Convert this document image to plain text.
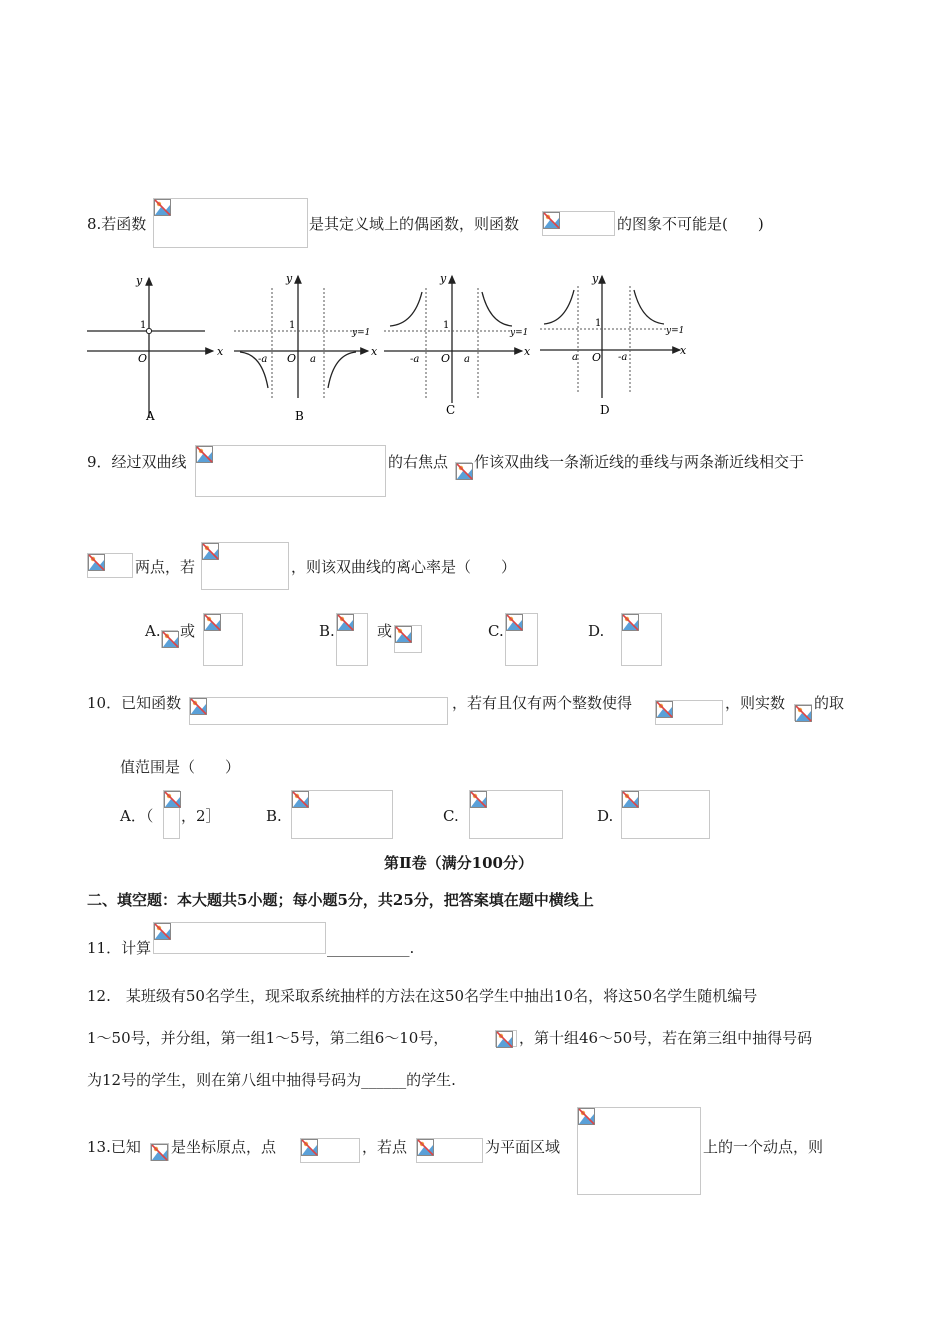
8.若函数	是其定义域上的偶函数，则函数	的图象不可能是(　　)
y
x
O
1
A
y
x
O
1
y=1
-a	a
B
y
x
O
1
y=1
-a	a
C
y
x
O
1
y=1
a	-a
D
9．经过双曲线	的右焦点 作该双曲线一条渐近线的垂线与两条渐近线相交于
两点，若	，则该双曲线的离心率是（　　）
A. 或	B.	或	C.	D.
10．已知函数	，若有且仅有两个整数使得	，则实数 的取
值范围是（　　）
A．（ ，2］	B.	C.	D.
第Ⅱ卷（满分100分）
二、填空题：本大题共5小题；每小题5分，共25分，把答案填在题中横线上
11．计算	___________.
12.　某班级有50名学生，现采取系统抽样的方法在这50名学生中抽出10名，将这50名学生随机编号
1～50号，并分组，第一组1～5号，第二组6～10号，	，第十组46～50号，若在第三组中抽得号码
为12号的学生，则在第八组中抽得号码为______的学生.
13.已知 是坐标原点，点	，若点	为平面区域	上的一个动点，则
